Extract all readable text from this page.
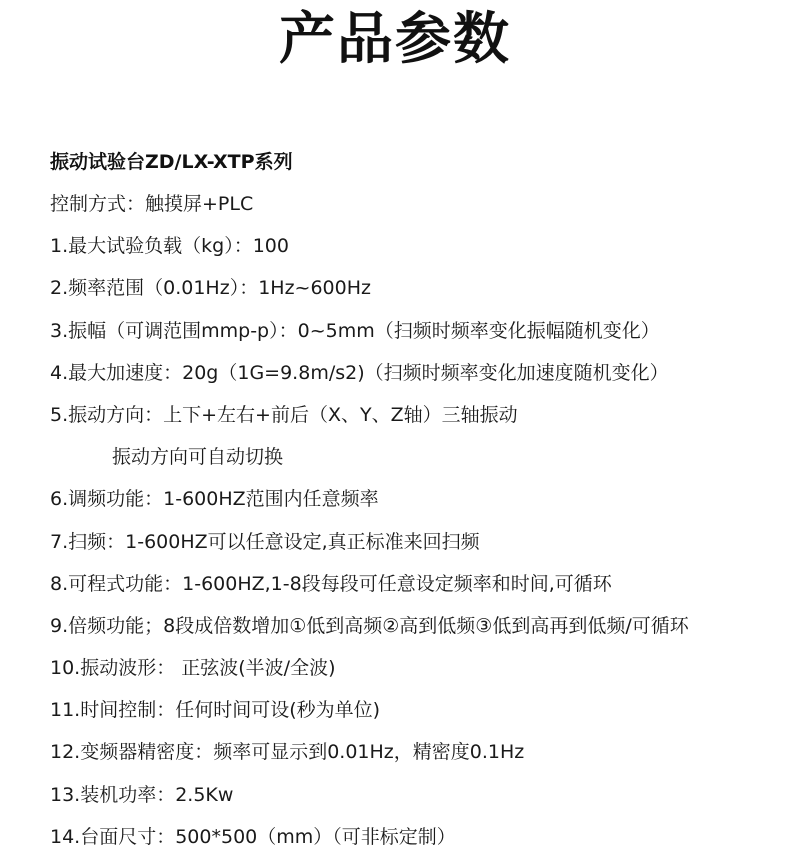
产品参数
振动试验台ZD/LX-XTP系列
控制方式：触摸屏+PLC
1.最大试验负载（kg）：100
2.频率范围（0.01Hz）：1Hz~600Hz
3.振幅（可调范围mmp-p）：0~5mm（扫频时频率变化振幅随机变化）
4.最大加速度：20g（1G=9.8m/s2)（扫频时频率变化加速度随机变化）
5.振动方向：上下+左右+前后（X、Y、Z轴）三轴振动
振动方向可自动切换
6.调频功能：1-600HZ范围内任意频率
7.扫频：1-600HZ可以任意设定,真正标准来回扫频
8.可程式功能：1-600HZ,1-8段每段可任意设定频率和时间,可循环
9.倍频功能；8段成倍数增加①低到高频②高到低频③低到高再到低频/可循环
10.振动波形： 正弦波(半波/全波)
11.时间控制：任何时间可设(秒为单位)
12.变频器精密度：频率可显示到0.01Hz，精密度0.1Hz
13.装机功率：2.5Kw
14.台面尺寸：500*500（mm）（可非标定制）
